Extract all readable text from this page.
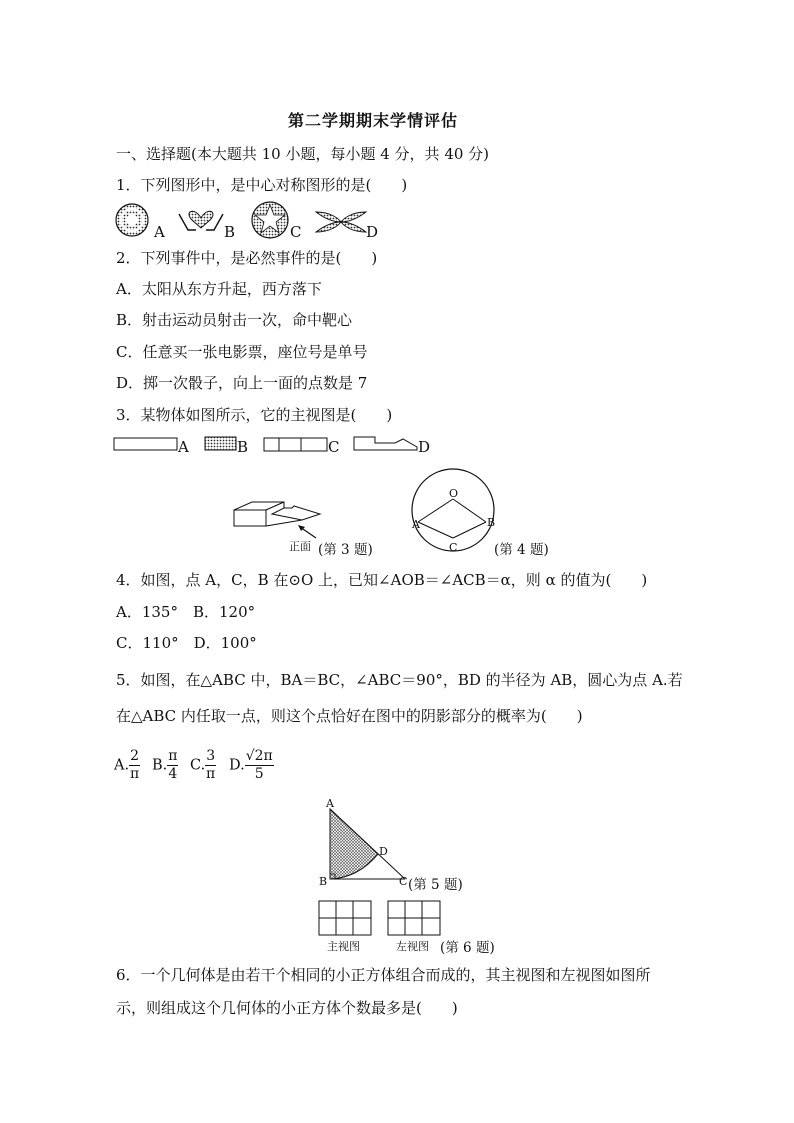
第二学期期末学情评估
一、选择题(本大题共 10 小题，每小题 4 分，共 40 分)
1．下列图形中，是中心对称图形的是(　　)
A	B	C	D
2．下列事件中，是必然事件的是(　　)
A．太阳从东方升起，西方落下
B．射击运动员射击一次，命中靶心
C．任意买一张电影票，座位号是单号
D．掷一次骰子，向上一面的点数是 7
3．某物体如图所示，它的主视图是(　　)
A	B	C	D
正面 (第 3 题)
O
A	B
C	(第 4 题)
4．如图，点 A，C，B 在⊙O 上，已知∠AOB＝∠ACB＝α，则 α 的值为(　　)
A．135°　B．120°
C．110°　D．100°
5．如图，在△ABC 中，BA＝BC，∠ABC＝90°，BD 的半径为 AB，圆心为点 A.若
在△ABC 内任取一点，则这个点恰好在图中的阴影部分的概率为(　　)
A. $\frac{2}{\pi} B$. $\frac{\pi}{4} C$. $\frac{3}{\pi} D$. $\frac{√2\pi}{5}$
A
B
D
C (第 5 题)
主视图	左视图 (第 6 题)
6．一个几何体是由若干个相同的小正方体组合而成的，其主视图和左视图如图所
示，则组成这个几何体的小正方体个数最多是(　　)
